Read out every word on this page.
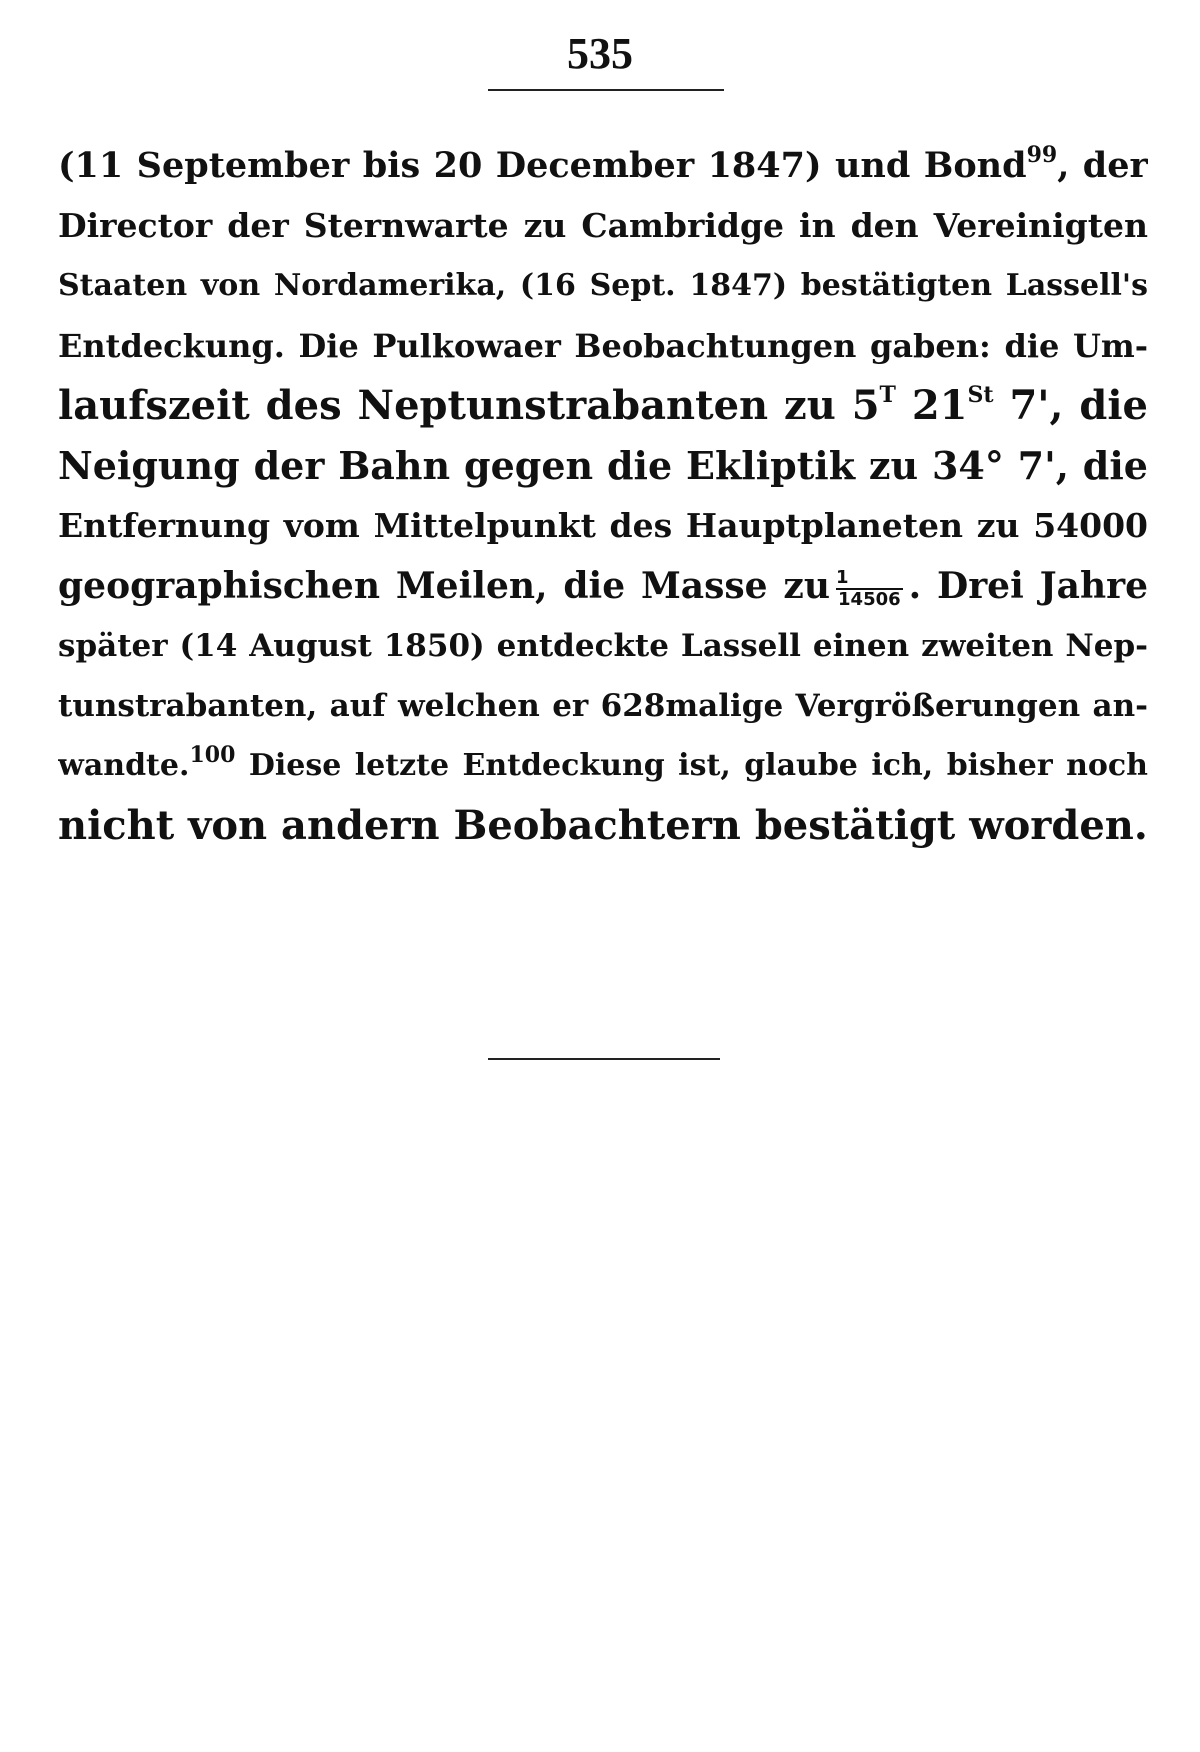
535
(11 September bis 20 December 1847) und Bond$^{99}$, der
Director der Sternwarte zu Cambridge in den Vereinigten
Staaten von Nordamerika, (16 Sept. 1847) bestätigten Lassell's
Entdeckung. Die Pulkowaer Beobachtungen gaben: die Um-
laufszeit des Neptunstrabanten zu 5$^T$ 21St 7', die
Neigung der Bahn gegen die Ekliptik zu 34° 7', die
Entfernung vom Mittelpunkt des Hauptplaneten zu 54000
geographischen Meilen, die Masse zu $\frac{1}{14506}$ . Drei Jahre
später (14 August 1850) entdeckte Lassell einen zweiten Nep-
tunstrabanten, auf welchen er 628malige Vergrößerungen an-
wandte.$^{100}$ Diese letzte Entdeckung ist, glaube ich, bisher noch
nicht von andern Beobachtern bestätigt worden.
